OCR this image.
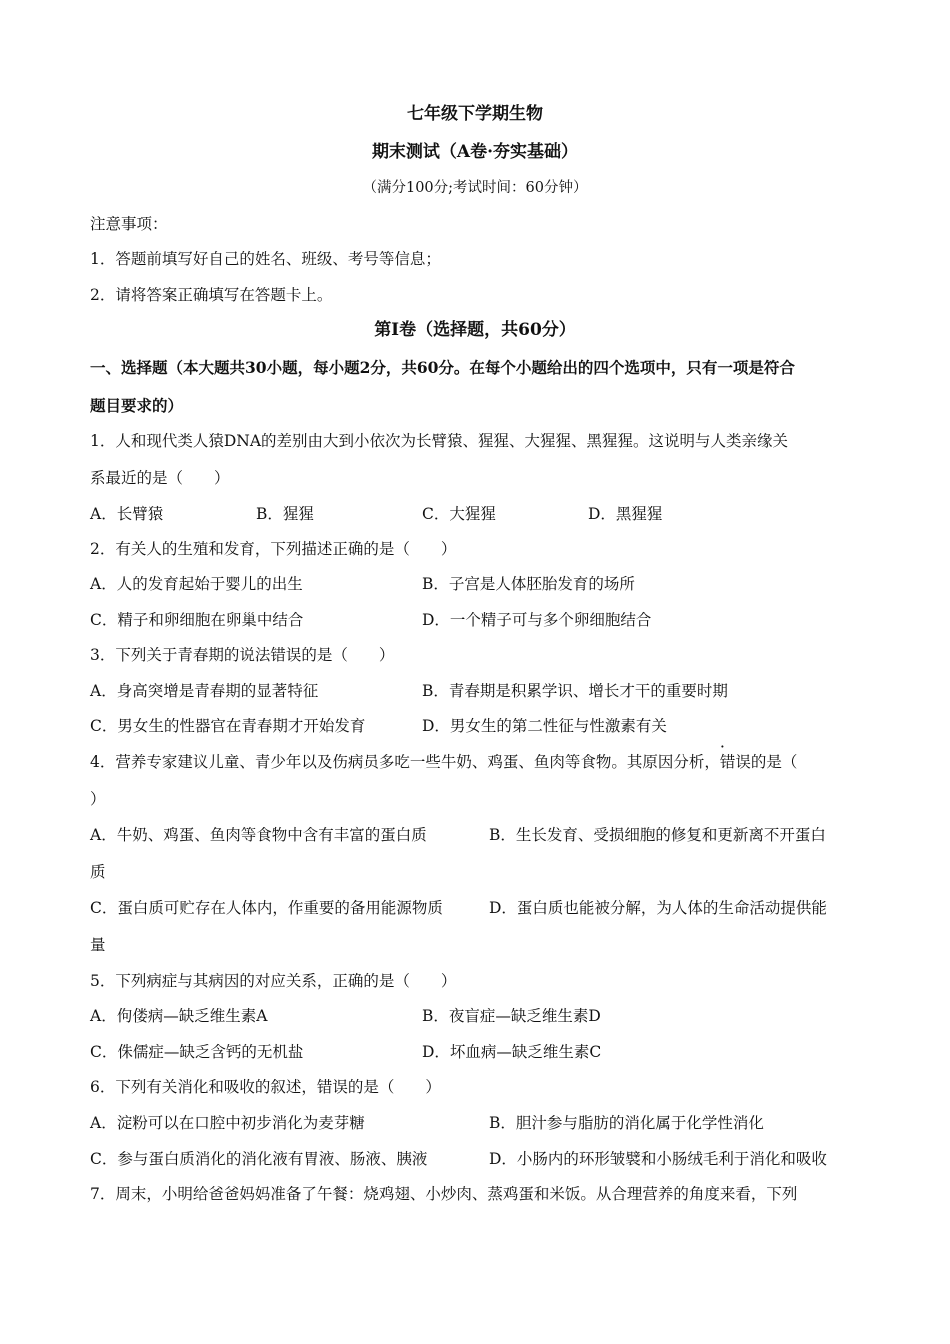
七年级下学期生物
期末测试（A卷·夯实基础）
（满分100分;考试时间：60分钟）
注意事项：
1．答题前填写好自己的姓名、班级、考号等信息；
2．请将答案正确填写在答题卡上。
第Ⅰ卷（选择题，共60分）
一、选择题（本大题共30小题，每小题2分，共60分。在每个小题给出的四个选项中，只有一项是符合
题目要求的）
1．人和现代类人猿DNA的差别由大到小依次为长臂猿、猩猩、大猩猩、黑猩猩。这说明与人类亲缘关
系最近的是（　　）
A．长臂猿	B．猩猩	C．大猩猩	D．黑猩猩
2．有关人的生殖和发育，下列描述正确的是（　　）
A．人的发育起始于婴儿的出生	B．子宫是人体胚胎发育的场所
C．精子和卵细胞在卵巢中结合	D．一个精子可与多个卵细胞结合
3．下列关于青春期的说法错误的是（　　）
A．身高突增是青春期的显著特征	B．青春期是积累学识、增长才干的重要时期
C．男女生的性器官在青春期才开始发育	D．男女生的第二性征与性激素有关
4．营养专家建议儿童、青少年以及伤病员多吃一些牛奶、鸡蛋、鱼肉等食物。其原因分析，错误的是（
）
A．牛奶、鸡蛋、鱼肉等食物中含有丰富的蛋白质	B．生长发育、受损细胞的修复和更新离不开蛋白
质
C．蛋白质可贮存在人体内，作重要的备用能源物质	D．蛋白质也能被分解，为人体的生命活动提供能
量
5．下列病症与其病因的对应关系，正确的是（　　）
A．佝偻病—缺乏维生素A	B．夜盲症—缺乏维生素D
C．侏儒症—缺乏含钙的无机盐	D．坏血病—缺乏维生素C
6．下列有关消化和吸收的叙述，错误的是（　　）
A．淀粉可以在口腔中初步消化为麦芽糖	B．胆汁参与脂肪的消化属于化学性消化
C．参与蛋白质消化的消化液有胃液、肠液、胰液	D．小肠内的环形皱襞和小肠绒毛利于消化和吸收
7．周末，小明给爸爸妈妈准备了午餐：烧鸡翅、小炒肉、蒸鸡蛋和米饭。从合理营养的角度来看，下列
